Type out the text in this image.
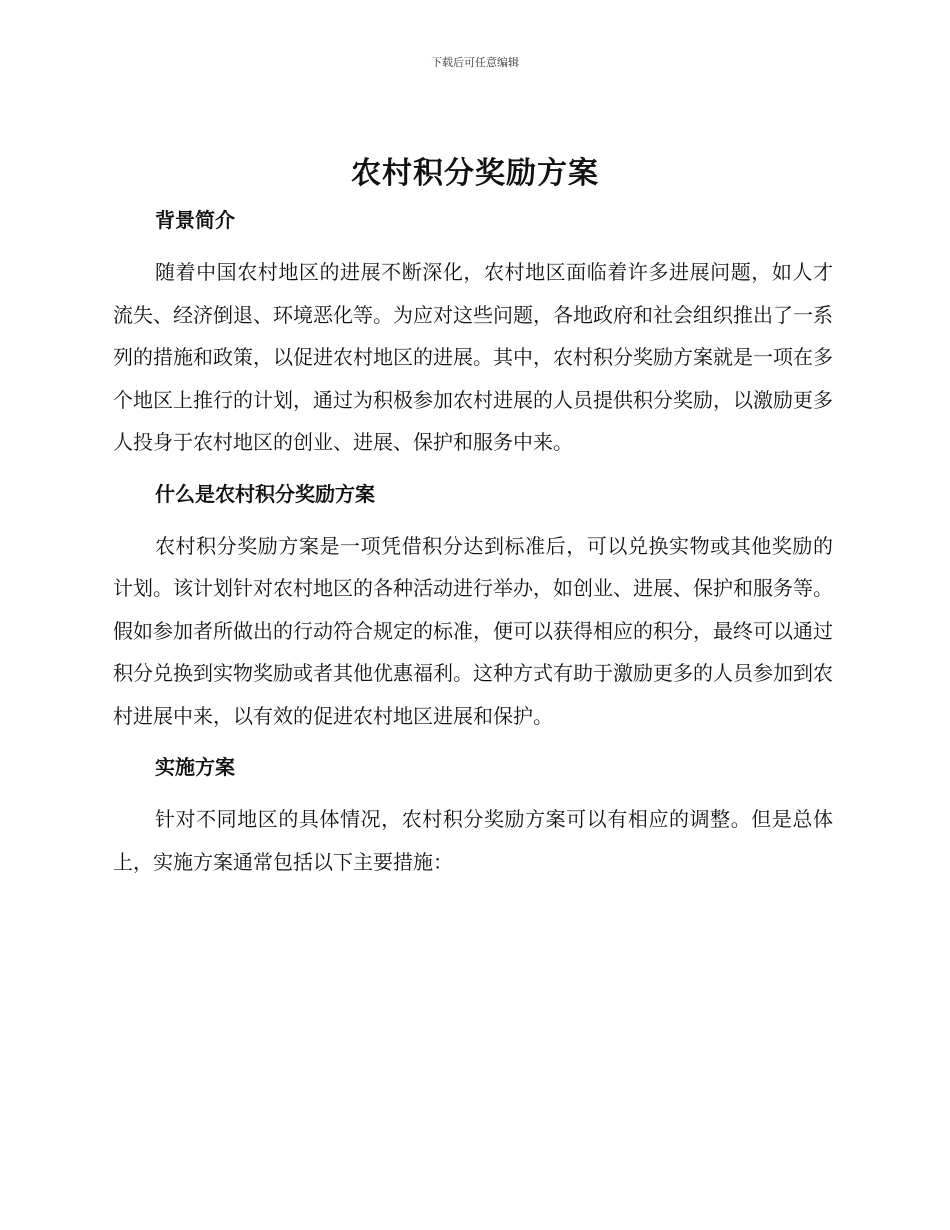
下载后可任意编辑
农村积分奖励方案
背景简介

随着中国农村地区的进展不断深化，农村地区面临着许多进展问题，如人才流失、经济倒退、环境恶化等。为应对这些问题，各地政府和社会组织推出了一系列的措施和政策，以促进农村地区的进展。其中，农村积分奖励方案就是一项在多个地区上推行的计划，通过为积极参加农村进展的人员提供积分奖励，以激励更多人投身于农村地区的创业、进展、保护和服务中来。

什么是农村积分奖励方案

农村积分奖励方案是一项凭借积分达到标准后，可以兑换实物或其他奖励的计划。该计划针对农村地区的各种活动进行举办，如创业、进展、保护和服务等。假如参加者所做出的行动符合规定的标准，便可以获得相应的积分，最终可以通过积分兑换到实物奖励或者其他优惠福利。这种方式有助于激励更多的人员参加到农村进展中来，以有效的促进农村地区进展和保护。

实施方案

针对不同地区的具体情况，农村积分奖励方案可以有相应的调整。但是总体上，实施方案通常包括以下主要措施：
